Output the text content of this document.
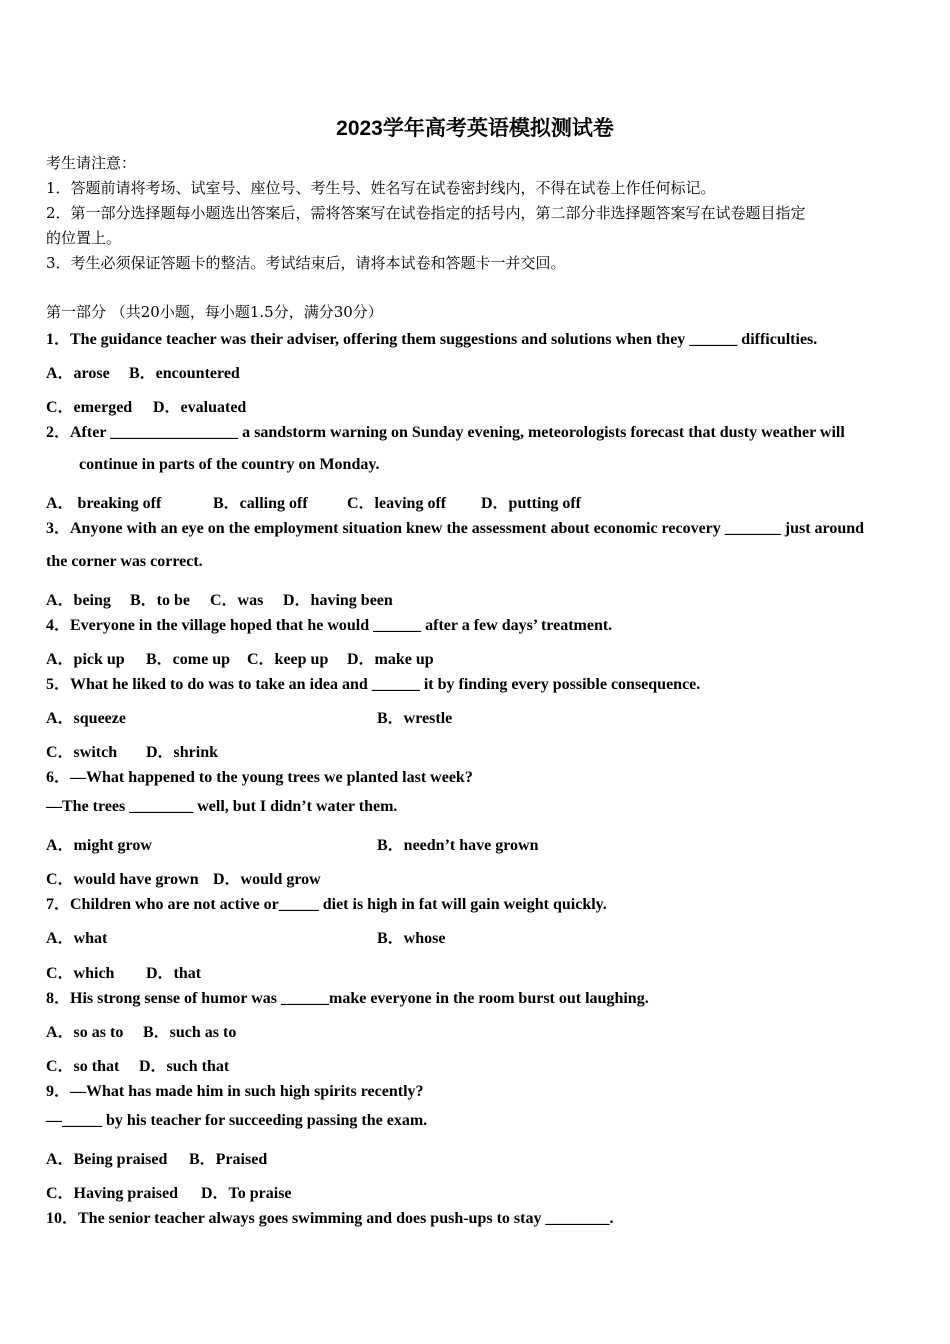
2023学年高考英语模拟测试卷
考生请注意：
1．答题前请将考场、试室号、座位号、考生号、姓名写在试卷密封线内，不得在试卷上作任何标记。
2．第一部分选择题每小题选出答案后，需将答案写在试卷指定的括号内，第二部分非选择题答案写在试卷题目指定
的位置上。
3．考生必须保证答题卡的整洁。考试结束后，请将本试卷和答题卡一并交回。
第一部分 （共20小题，每小题1.5分，满分30分）
1．The guidance teacher was their adviser, offering them suggestions and solutions when they ______ difficulties.
A．arose B．encountered
C．emerged D．evaluated
2．After ________________ a sandstorm warning on Sunday evening, meteorologists forecast that dusty weather will
continue in parts of the country on Monday.
A． breaking off	B．calling off C．leaving off D．putting off
3．Anyone with an eye on the employment situation knew the assessment about economic recovery _______ just around
the corner was correct.
A．being B．to be C．was D．having been
4．Everyone in the village hoped that he would ______ after a few days’ treatment.
A．pick up B．come up C．keep up D．make up
5．What he liked to do was to take an idea and ______ it by finding every possible consequence.
A．squeeze	B．wrestle
C．switch D．shrink
6．—What happened to the young trees we planted last week?
—The trees ________ well, but I didn’t water them.
A．might grow	B．needn’t have grown
C．would have grown D．would grow
7．Children who are not active or_____ diet is high in fat will gain weight quickly.
A．what	B．whose
C．which D．that
8．His strong sense of humor was ______make everyone in the room burst out laughing.
A．so as to B．such as to
C．so that D．such that
9．—What has made him in such high spirits recently?
—_____ by his teacher for succeeding passing the exam.
A．Being praised B．Praised
C．Having praised D．To praise
10．The senior teacher always goes swimming and does push-ups to stay ________.
